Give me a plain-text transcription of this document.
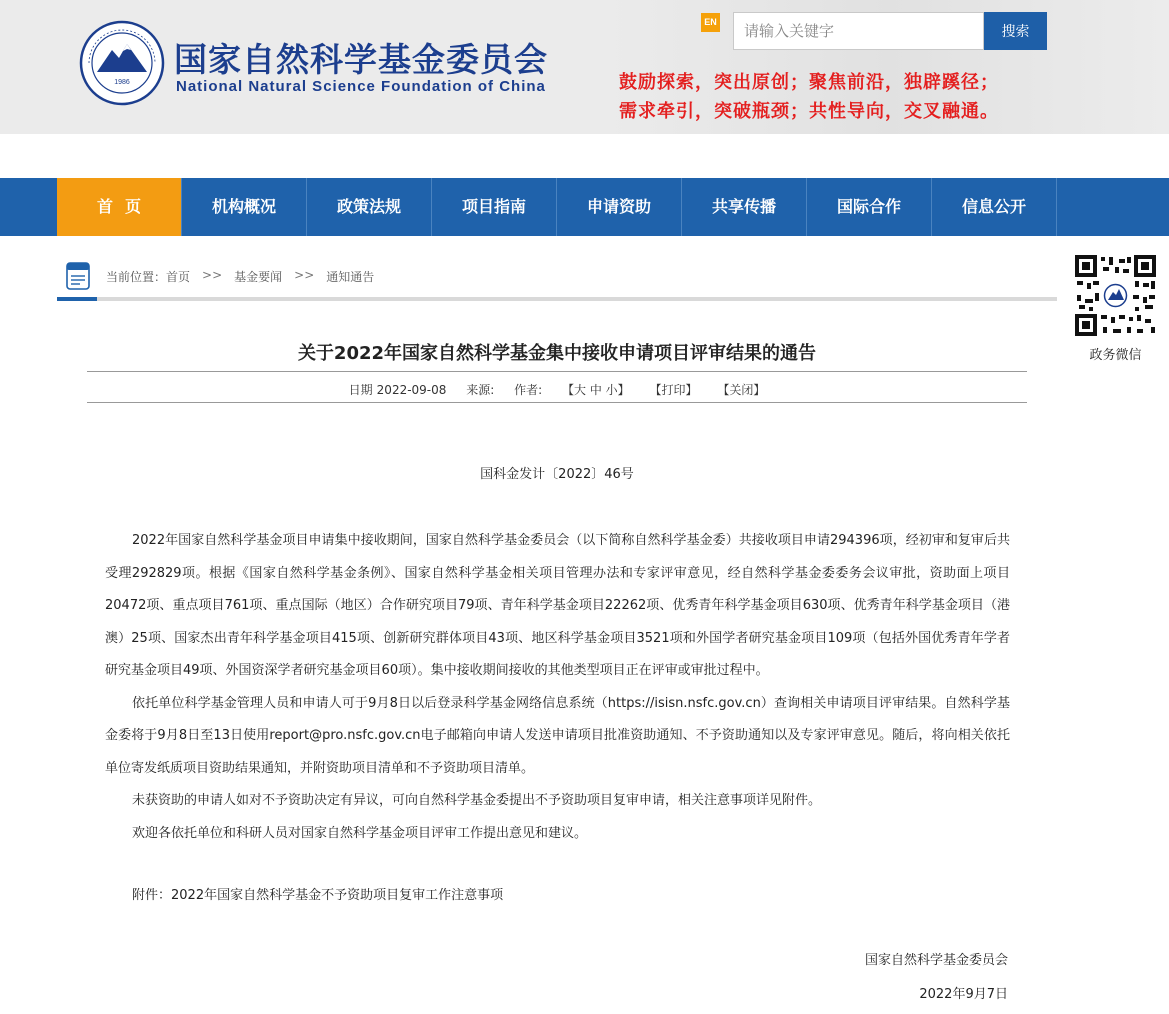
1986
国家自然科学基金委员会
National Natural Science Foundation of China
EN
请输入关键字
搜索
鼓励探索，突出原创；聚焦前沿，独辟蹊径；
需求牵引，突破瓶颈；共性导向，交叉融通。
首页	机构概况	政策法规	项目指南	申请资助	共享传播	国际合作	信息公开
当前位置： 首页 >> 基金要闻 >> 通知通告
政务微信
关于2022年国家自然科学基金集中接收申请项目评审结果的通告
日期 2022-09-08 来源: 作者: 【大 中 小】 【打印】 【关闭】
国科金发计〔2022〕46号

2022年国家自然科学基金项目申请集中接收期间，国家自然科学基金委员会（以下简称自然科学基金委）共接收项目申请294396项，经初审和复审后共受理292829项。根据《国家自然科学基金条例》、国家自然科学基金相关项目管理办法和专家评审意见，经自然科学基金委委务会议审批，资助面上项目20472项、重点项目761项、重点国际（地区）合作研究项目79项、青年科学基金项目22262项、优秀青年科学基金项目630项、优秀青年科学基金项目（港澳）25项、国家杰出青年科学基金项目415项、创新研究群体项目43项、地区科学基金项目3521项和外国学者研究基金项目109项（包括外国优秀青年学者研究基金项目49项、外国资深学者研究基金项目60项）。集中接收期间接收的其他类型项目正在评审或审批过程中。

依托单位科学基金管理人员和申请人可于9月8日以后登录科学基金网络信息系统（https://isisn.nsfc.gov.cn）查询相关申请项目评审结果。自然科学基金委将于9月8日至13日使用report@pro.nsfc.gov.cn电子邮箱向申请人发送申请项目批准资助通知、不予资助通知以及专家评审意见。随后，将向相关依托单位寄发纸质项目资助结果通知，并附资助项目清单和不予资助项目清单。

未获资助的申请人如对不予资助决定有异议，可向自然科学基金委提出不予资助项目复审申请，相关注意事项详见附件。

欢迎各依托单位和科研人员对国家自然科学基金项目评审工作提出意见和建议。

附件：2022年国家自然科学基金不予资助项目复审工作注意事项
国家自然科学基金委员会
2022年9月7日
